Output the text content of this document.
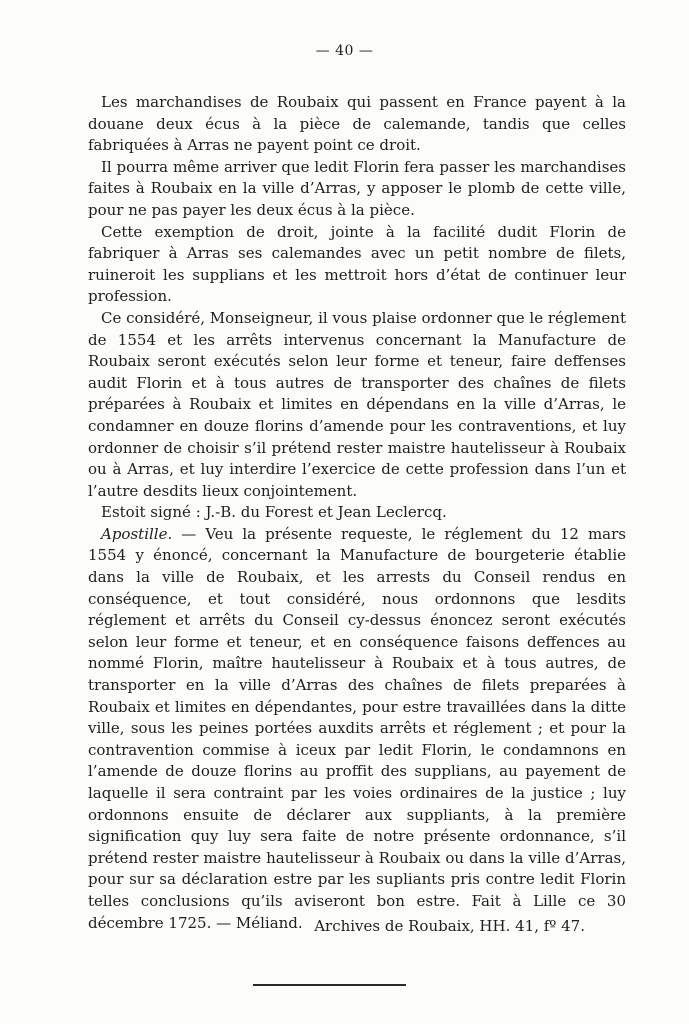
— 40 —

Les marchandises de Roubaix qui passent en France payent à la douane deux écus à la pièce de calemande, tandis que celles fabriquées à Arras ne payent point ce droit.

Il pourra même arriver que ledit Florin fera passer les marchandises faites à Roubaix en la ville d’Arras, y apposer le plomb de cette ville, pour ne pas payer les deux écus à la pièce.

Cette exemption de droit, jointe à la facilité dudit Florin de fabriquer à Arras ses calemandes avec un petit nombre de filets, ruineroit les supplians et les mettroit hors d’état de continuer leur profession.

Ce considéré, Monseigneur, il vous plaise ordonner que le réglement de 1554 et les arrêts intervenus concernant la Manufacture de Roubaix seront exécutés selon leur forme et teneur, faire deffenses audit Florin et à tous autres de transporter des chaînes de filets préparées à Roubaix et limites en dépendans en la ville d’Arras, le condamner en douze florins d’amende pour les contraventions, et luy ordonner de choisir s’il prétend rester maistre hautelisseur à Roubaix ou à Arras, et luy interdire l’exercice de cette profession dans l’un et l’autre desdits lieux conjointement.

Estoit signé : J.-B. du Forest et Jean Leclercq.

Apostille. — Veu la présente requeste, le réglement du 12 mars 1554 y énoncé, concernant la Manufacture de bourgeterie établie dans la ville de Roubaix, et les arrests du Conseil rendus en conséquence, et tout considéré, nous ordonnons que lesdits réglement et arrêts du Conseil cy-dessus énoncez seront exécutés selon leur forme et teneur, et en conséquence faisons deffences au nommé Florin, maître hautelisseur à Roubaix et à tous autres, de transporter en la ville d’Arras des chaînes de filets preparées à Roubaix et limites en dépendantes, pour estre travaillées dans la ditte ville, sous les peines portées auxdits arrêts et réglement ; et pour la contravention commise à iceux par ledit Florin, le condamnons en l’amende de douze florins au proffit des supplians, au payement de laquelle il sera contraint par les voies ordinaires de la justice ; luy ordonnons ensuite de déclarer aux suppliants, à la première signification quy luy sera faite de notre présente ordonnance, s’il prétend rester maistre hautelisseur à Roubaix ou dans la ville d’Arras, pour sur sa déclaration estre par les supliants pris contre ledit Florin telles conclusions qu’ils aviseront bon estre. Fait à Lille ce 30 décembre 1725. — Méliand. Archives de Roubaix, HH. 41, fº 47.
